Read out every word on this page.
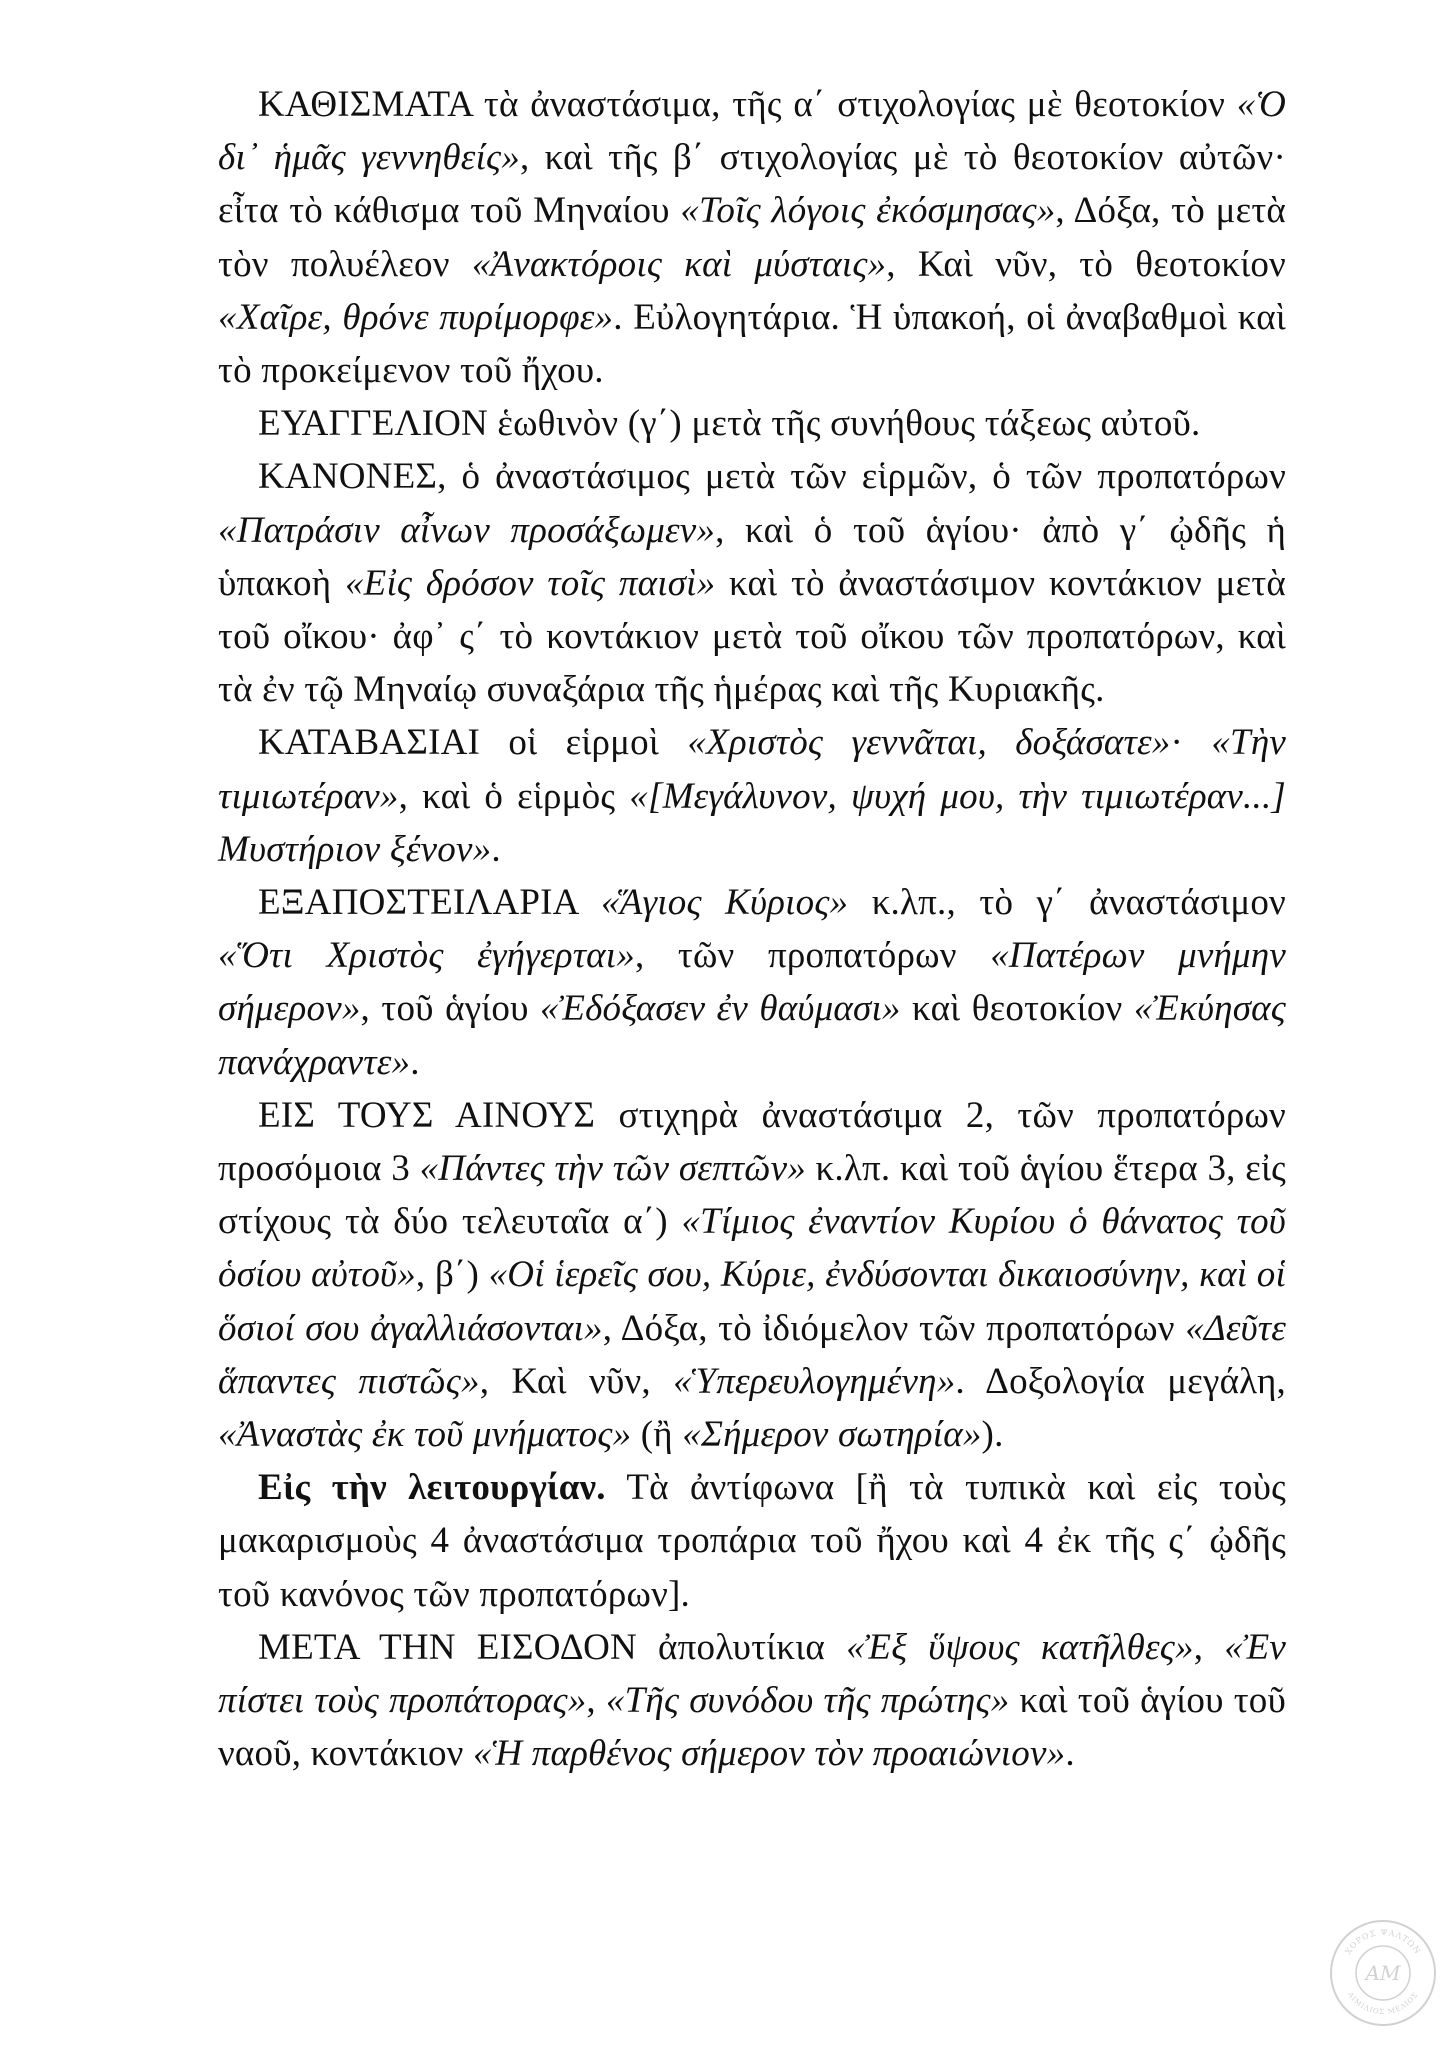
ΚΑΘΙΣΜΑΤΑ τὰ ἀναστάσιμα, τῆς α΄ στιχολογίας μὲ θεοτοκίον «Ὁ δι᾽ ἡμᾶς γεννηθείς», καὶ τῆς β΄ στιχολογίας μὲ τὸ θεοτοκίον αὐτῶν· εἶτα τὸ κάθισμα τοῦ Μηναίου «Τοῖς λόγοις ἐκόσμησας», Δόξα, τὸ μετὰ τὸν πολυέλεον «Ἀνακτόροις καὶ μύσταις», Καὶ νῦν, τὸ θεοτοκίον «Χαῖρε, θρόνε πυρίμορφε». Εὐλογητάρια. Ἡ ὑπακοή, οἱ ἀναβαθμοὶ καὶ τὸ προκείμενον τοῦ ἤχου.

ΕΥΑΓΓΕΛΙΟΝ ἑωθινὸν (γ΄) μετὰ τῆς συνήθους τάξεως αὐτοῦ.

ΚΑΝΟΝΕΣ, ὁ ἀναστάσιμος μετὰ τῶν εἱρμῶν, ὁ τῶν προπατόρων «Πατράσιν αἶνων προσάξωμεν», καὶ ὁ τοῦ ἁγίου· ἀπὸ γ΄ ᾠδῆς ἡ ὑπακοὴ «Εἰς δρόσον τοῖς παισὶ» καὶ τὸ ἀναστάσιμον κοντάκιον μετὰ τοῦ οἴκου· ἀφ᾽ ς΄ τὸ κοντάκιον μετὰ τοῦ οἴκου τῶν προπατόρων, καὶ τὰ ἐν τῷ Μηναίῳ συναξάρια τῆς ἡμέρας καὶ τῆς Κυριακῆς.

ΚΑΤΑΒΑΣΙΑΙ οἱ εἱρμοὶ «Χριστὸς γεννᾶται, δοξάσατε»· «Τὴν τιμιωτέραν», καὶ ὁ εἱρμὸς «[Μεγάλυνον, ψυχή μου, τὴν τιμιωτέραν...] Μυστήριον ξένον».

ΕΞΑΠΟΣΤΕΙΛΑΡΙΑ «Ἅγιος Κύριος» κ.λπ., τὸ γ΄ ἀναστάσιμον «Ὅτι Χριστὸς ἐγήγερται», τῶν προπατόρων «Πατέρων μνήμην σήμερον», τοῦ ἁγίου «Ἐδόξασεν ἐν θαύμασι» καὶ θεοτοκίον «Ἐκύησας πανάχραντε».

ΕΙΣ ΤΟΥΣ ΑΙΝΟΥΣ στιχηρὰ ἀναστάσιμα 2, τῶν προπατόρων προσόμοια 3 «Πάντες τὴν τῶν σεπτῶν» κ.λπ. καὶ τοῦ ἁγίου ἕτερα 3, εἰς στίχους τὰ δύο τελευταῖα α΄) «Τίμιος ἐναντίον Κυρίου ὁ θάνατος τοῦ ὁσίου αὐτοῦ», β΄) «Οἱ ἱερεῖς σου, Κύριε, ἐνδύσονται δικαιοσύνην, καὶ οἱ ὅσιοί σου ἀγαλλιάσονται», Δόξα, τὸ ἰδιόμελον τῶν προπατόρων «Δεῦτε ἅπαντες πιστῶς», Καὶ νῦν, «Ὑπερευλογημένη». Δοξολογία μεγάλη, «Ἀναστὰς ἐκ τοῦ μνήματος» (ἢ «Σήμερον σωτηρία»).

Εἰς τὴν λειτουργίαν. Τὰ ἀντίφωνα [ἢ τὰ τυπικὰ καὶ εἰς τοὺς μακαρισμοὺς 4 ἀναστάσιμα τροπάρια τοῦ ἤχου καὶ 4 ἐκ τῆς ς΄ ᾠδῆς τοῦ κανόνος τῶν προπατόρων].

ΜΕΤΑ ΤΗΝ ΕΙΣΟΔΟΝ ἀπολυτίκια «Ἐξ ὕψους κατῆλθες», «Ἐν πίστει τοὺς προπάτορας», «Τῆς συνόδου τῆς πρώτης» καὶ τοῦ ἁγίου τοῦ ναοῦ, κοντάκιον «Ἡ παρθένος σήμερον τὸν προαιώνιον».

ΧΟΡΟΣ ΨΑΛΤΩΝ
ΑΙΜΙΛΙΟΣ ΜΕΛΙΟΣ
ΑΜ
